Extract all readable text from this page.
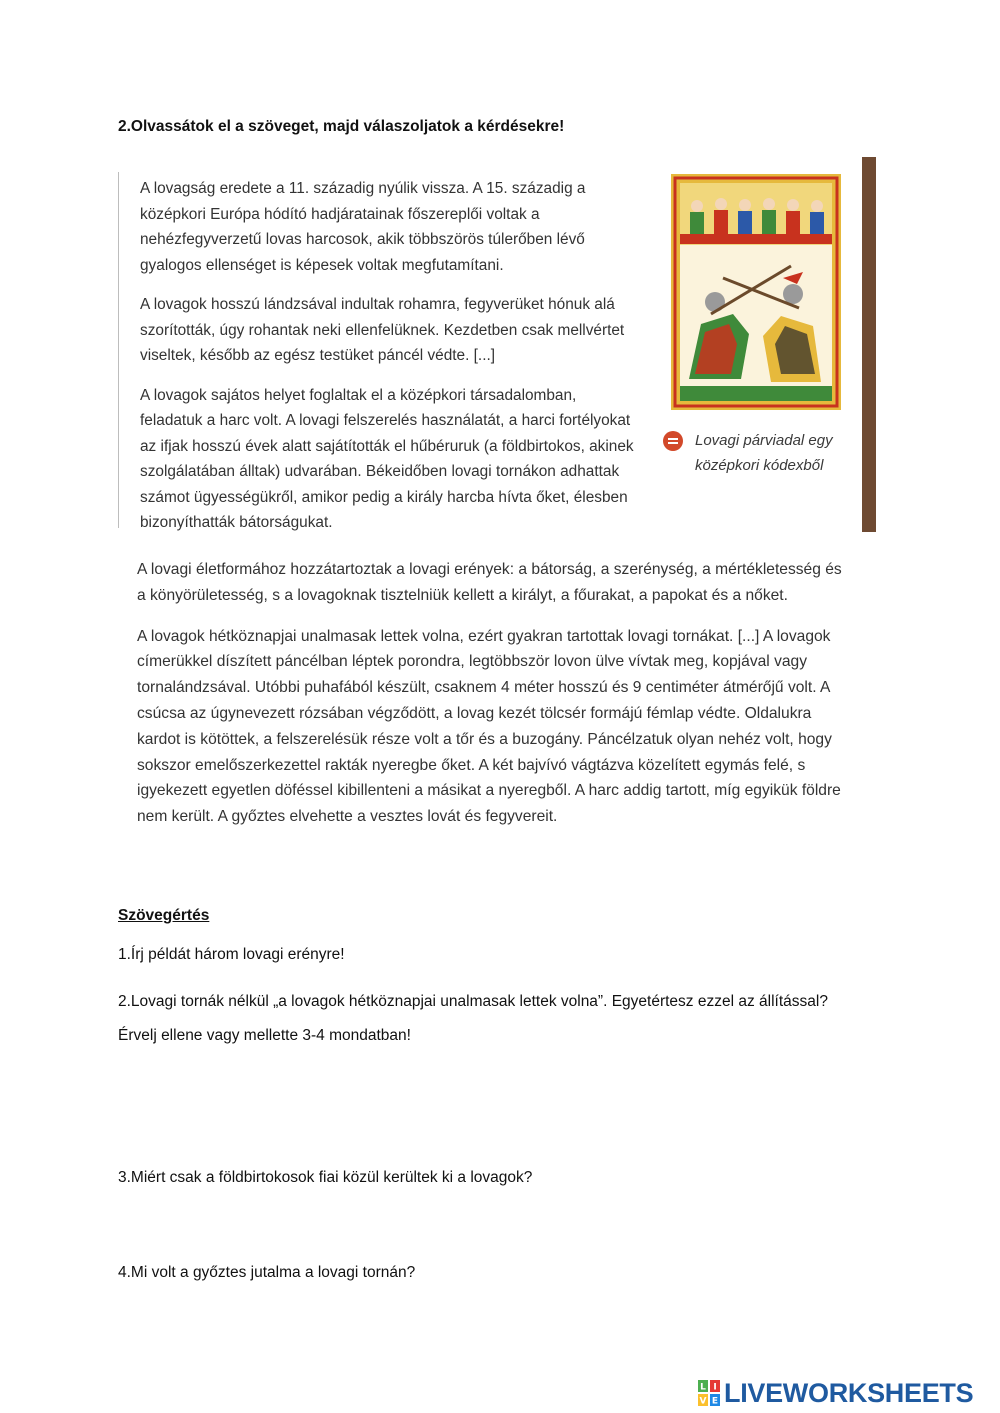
2.Olvassátok el a szöveget, majd válaszoljatok a kérdésekre!

A lovagság eredete a 11. századig nyúlik vissza. A 15. századig a középkori Európa hódító hadjáratainak főszereplői voltak a nehézfegyverzetű lovas harcosok, akik többszörös túlerőben lévő gyalogos ellenséget is képesek voltak megfutamítani.

A lovagok hosszú lándzsával indultak rohamra, fegyverüket hónuk alá szorították, úgy rohantak neki ellenfelüknek. Kezdetben csak mellvértet viseltek, később az egész testüket páncél védte. [...]

A lovagok sajátos helyet foglaltak el a középkori társadalomban, feladatuk a harc volt. A lovagi felszerelés használatát, a harci fortélyokat az ifjak hosszú évek alatt sajátították el hűbéruruk (a földbirtokos, akinek szolgálatában álltak) udvarában. Békeidőben lovagi tornákon adhattak számot ügyességükről, amikor pedig a király harcba hívta őket, élesben bizonyíthatták bátorságukat.

Lovagi párviadal egy középkori kódexből

A lovagi életformához hozzátartoztak a lovagi erények: a bátorság, a szerénység, a mértékletesség és a könyörületesség, s a lovagoknak tisztelniük kellett a királyt, a főurakat, a papokat és a nőket.

A lovagok hétköznapjai unalmasak lettek volna, ezért gyakran tartottak lovagi tornákat. [...] A lovagok címerükkel díszített páncélban léptek porondra, legtöbbször lovon ülve vívtak meg, kopjával vagy tornalándzsával. Utóbbi puhafából készült, csaknem 4 méter hosszú és 9 centiméter átmérőjű volt. A csúcsa az úgynevezett rózsában végződött, a lovag kezét tölcsér formájú fémlap védte. Oldalukra kardot is kötöttek, a felszerelésük része volt a tőr és a buzogány. Páncélzatuk olyan nehéz volt, hogy sokszor emelőszerkezettel rakták nyeregbe őket. A két bajvívó vágtázva közelített egymás felé, s igyekezett egyetlen döféssel kibillenteni a másikat a nyeregből. A harc addig tartott, míg egyikük földre nem került. A győztes elvehette a vesztes lovát és fegyvereit.

Szövegértés
1.Írj példát három lovagi erényre!
2.Lovagi tornák nélkül „a lovagok hétköznapjai unalmasak lettek volna”. Egyetértesz ezzel az állítással? Érvelj ellene vagy mellette 3-4 mondatban!
3.Miért csak a földbirtokosok fiai közül kerültek ki a lovagok?
4.Mi volt a győztes jutalma a lovagi tornán?
L I
V E LIVEWORKSHEETS
